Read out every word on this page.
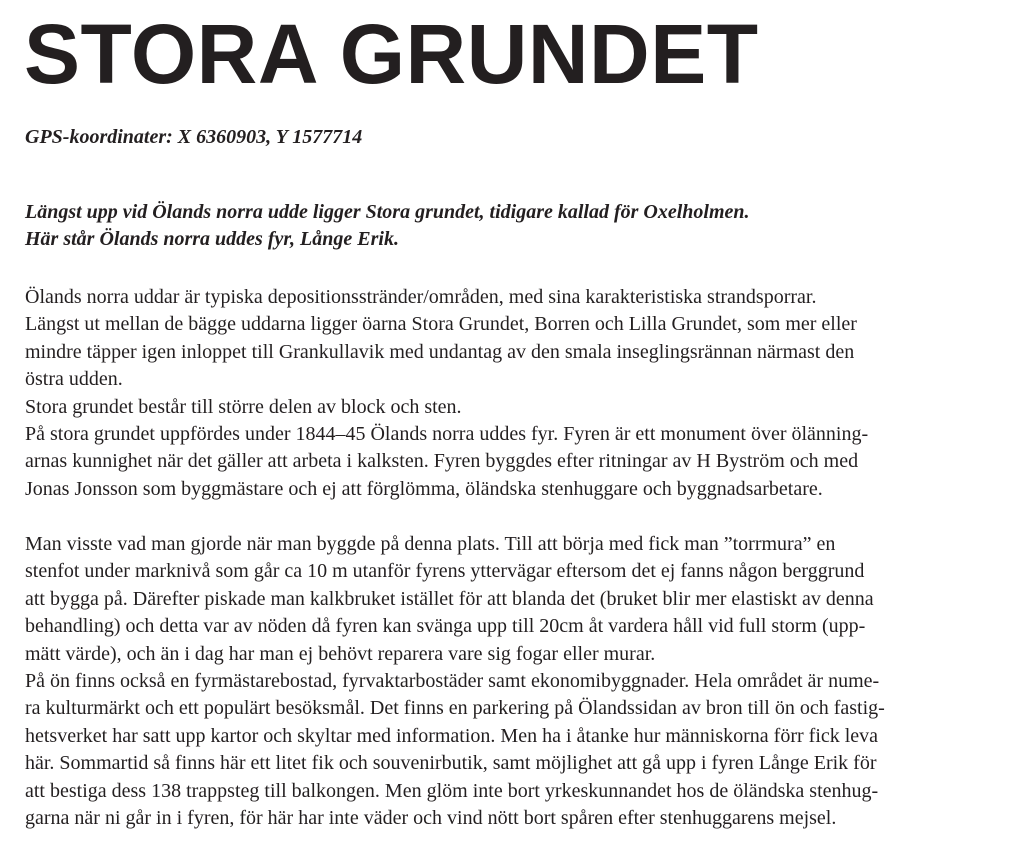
STORA GRUNDET
GPS-koordinater: X 6360903, Y 1577714
Längst upp vid Ölands norra udde ligger Stora grundet, tidigare kallad för Oxelholmen.
Här står Ölands norra uddes fyr, Långe Erik.
Ölands norra uddar är typiska depositionsstränder/områden, med sina karakteristiska strandsporrar.
Längst ut mellan de bägge uddarna ligger öarna Stora Grundet, Borren och Lilla Grundet, som mer eller
mindre täpper igen inloppet till Grankullavik med undantag av den smala inseglingsrännan närmast den
östra udden.
Stora grundet består till större delen av block och sten.
På stora grundet uppfördes under 1844–45 Ölands norra uddes fyr. Fyren är ett monument över ölänning-
arnas kunnighet när det gäller att arbeta i kalksten. Fyren byggdes efter ritningar av H Byström och med
Jonas Jonsson som byggmästare och ej att förglömma, öländska stenhuggare och byggnadsarbetare.
Man visste vad man gjorde när man byggde på denna plats. Till att börja med fick man ”torrmura” en
stenfot under marknivå som går ca 10 m utanför fyrens yttervägar eftersom det ej fanns någon berggrund
att bygga på. Därefter piskade man kalkbruket istället för att blanda det (bruket blir mer elastiskt av denna
behandling) och detta var av nöden då fyren kan svänga upp till 20cm åt vardera håll vid full storm (upp-
mätt värde), och än i dag har man ej behövt reparera vare sig fogar eller murar.
På ön finns också en fyrmästarebostad, fyrvaktarbostäder samt ekonomibyggnader. Hela området är nume-
ra kulturmärkt och ett populärt besöksmål. Det finns en parkering på Ölandssidan av bron till ön och fastig-
hetsverket har satt upp kartor och skyltar med information. Men ha i åtanke hur människorna förr fick leva
här. Sommartid så finns här ett litet fik och souvenirbutik, samt möjlighet att gå upp i fyren Långe Erik för
att bestiga dess 138 trappsteg till balkongen. Men glöm inte bort yrkeskunnandet hos de öländska stenhug-
garna när ni går in i fyren, för här har inte väder och vind nött bort spåren efter stenhuggarens mejsel.
